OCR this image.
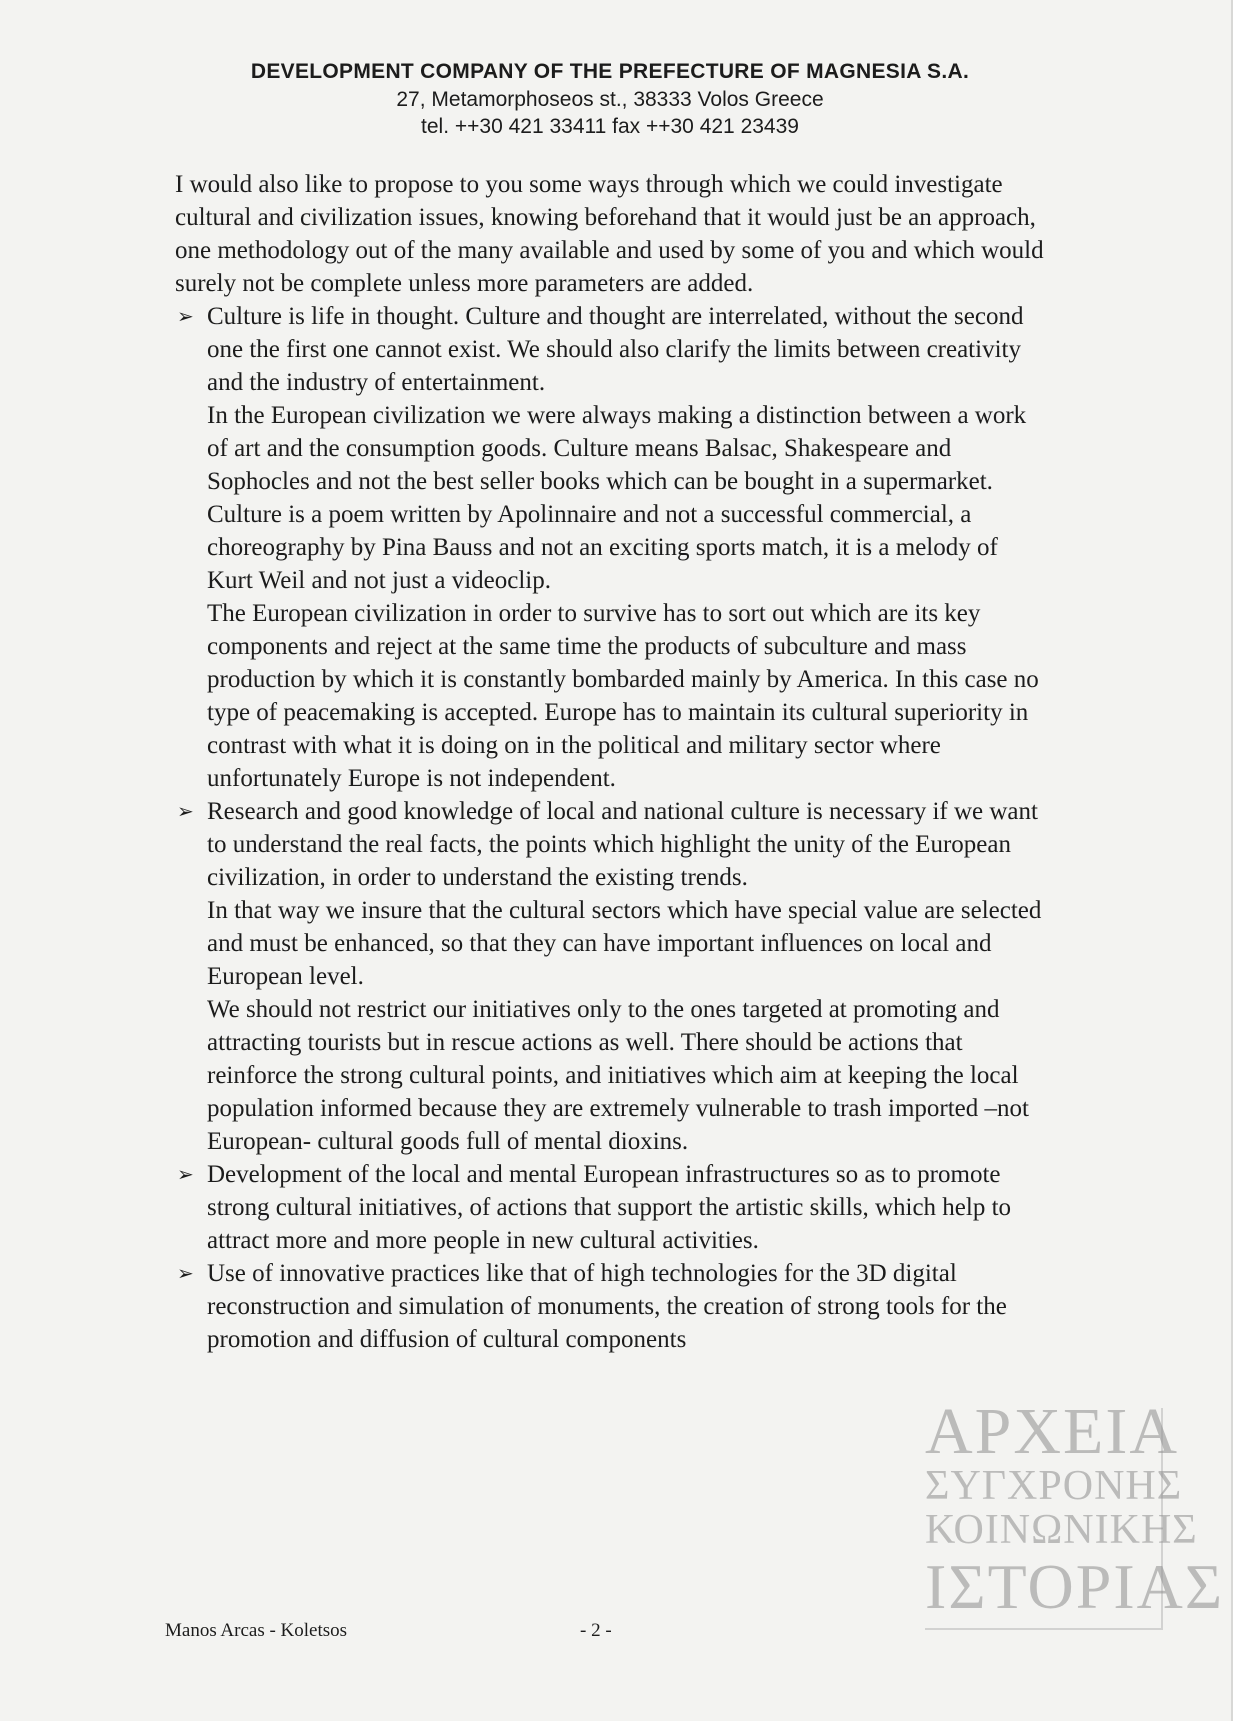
DEVELOPMENT COMPANY OF THE PREFECTURE OF MAGNESIA S.A.
27, Metamorphoseos st., 38333 Volos Greece
tel. ++30 421 33411 fax ++30 421 23439

I would also like to propose to you some ways through which we could investigate cultural and civilization issues, knowing beforehand that it would just be an approach, one methodology out of the many available and used by some of you and which would surely not be complete unless more parameters are added.

➢ Culture is life in thought. Culture and thought are interrelated, without the second one the first one cannot exist. We should also clarify the limits between creativity and the industry of entertainment.
In the European civilization we were always making a distinction between a work of art and the consumption goods. Culture means Balsac, Shakespeare and Sophocles and not the best seller books which can be bought in a supermarket. Culture is a poem written by Apolinnaire and not a successful commercial, a choreography by Pina Bauss and not an exciting sports match, it is a melody of Kurt Weil and not just a videoclip.
The European civilization in order to survive has to sort out which are its key components and reject at the same time the products of subculture and mass production by which it is constantly bombarded mainly by America. In this case no type of peacemaking is accepted. Europe has to maintain its cultural superiority in contrast with what it is doing on in the political and military sector where unfortunately Europe is not independent.
➢ Research and good knowledge of local and national culture is necessary if we want to understand the real facts, the points which highlight the unity of the European civilization, in order to understand the existing trends.
In that way we insure that the cultural sectors which have special value are selected and must be enhanced, so that they can have important influences on local and European level.
We should not restrict our initiatives only to the ones targeted at promoting and attracting tourists but in rescue actions as well. There should be actions that reinforce the strong cultural points, and initiatives which aim at keeping the local population informed because they are extremely vulnerable to trash imported –not European- cultural goods full of mental dioxins.
➢ Development of the local and mental European infrastructures so as to promote strong cultural initiatives, of actions that support the artistic skills, which help to attract more and more people in new cultural activities.
➢ Use of innovative practices like that of high technologies for the 3D digital reconstruction and simulation of monuments, the creation of strong tools for the promotion and diffusion of cultural components
ΑΡΧΕΙΑ
ΣΥΓΧΡΟΝΗΣ
ΚΟΙΝΩΝΙΚΗΣ
ΙΣΤΟΡΙΑΣ
Manos Arcas - Koletsos	- 2 -
